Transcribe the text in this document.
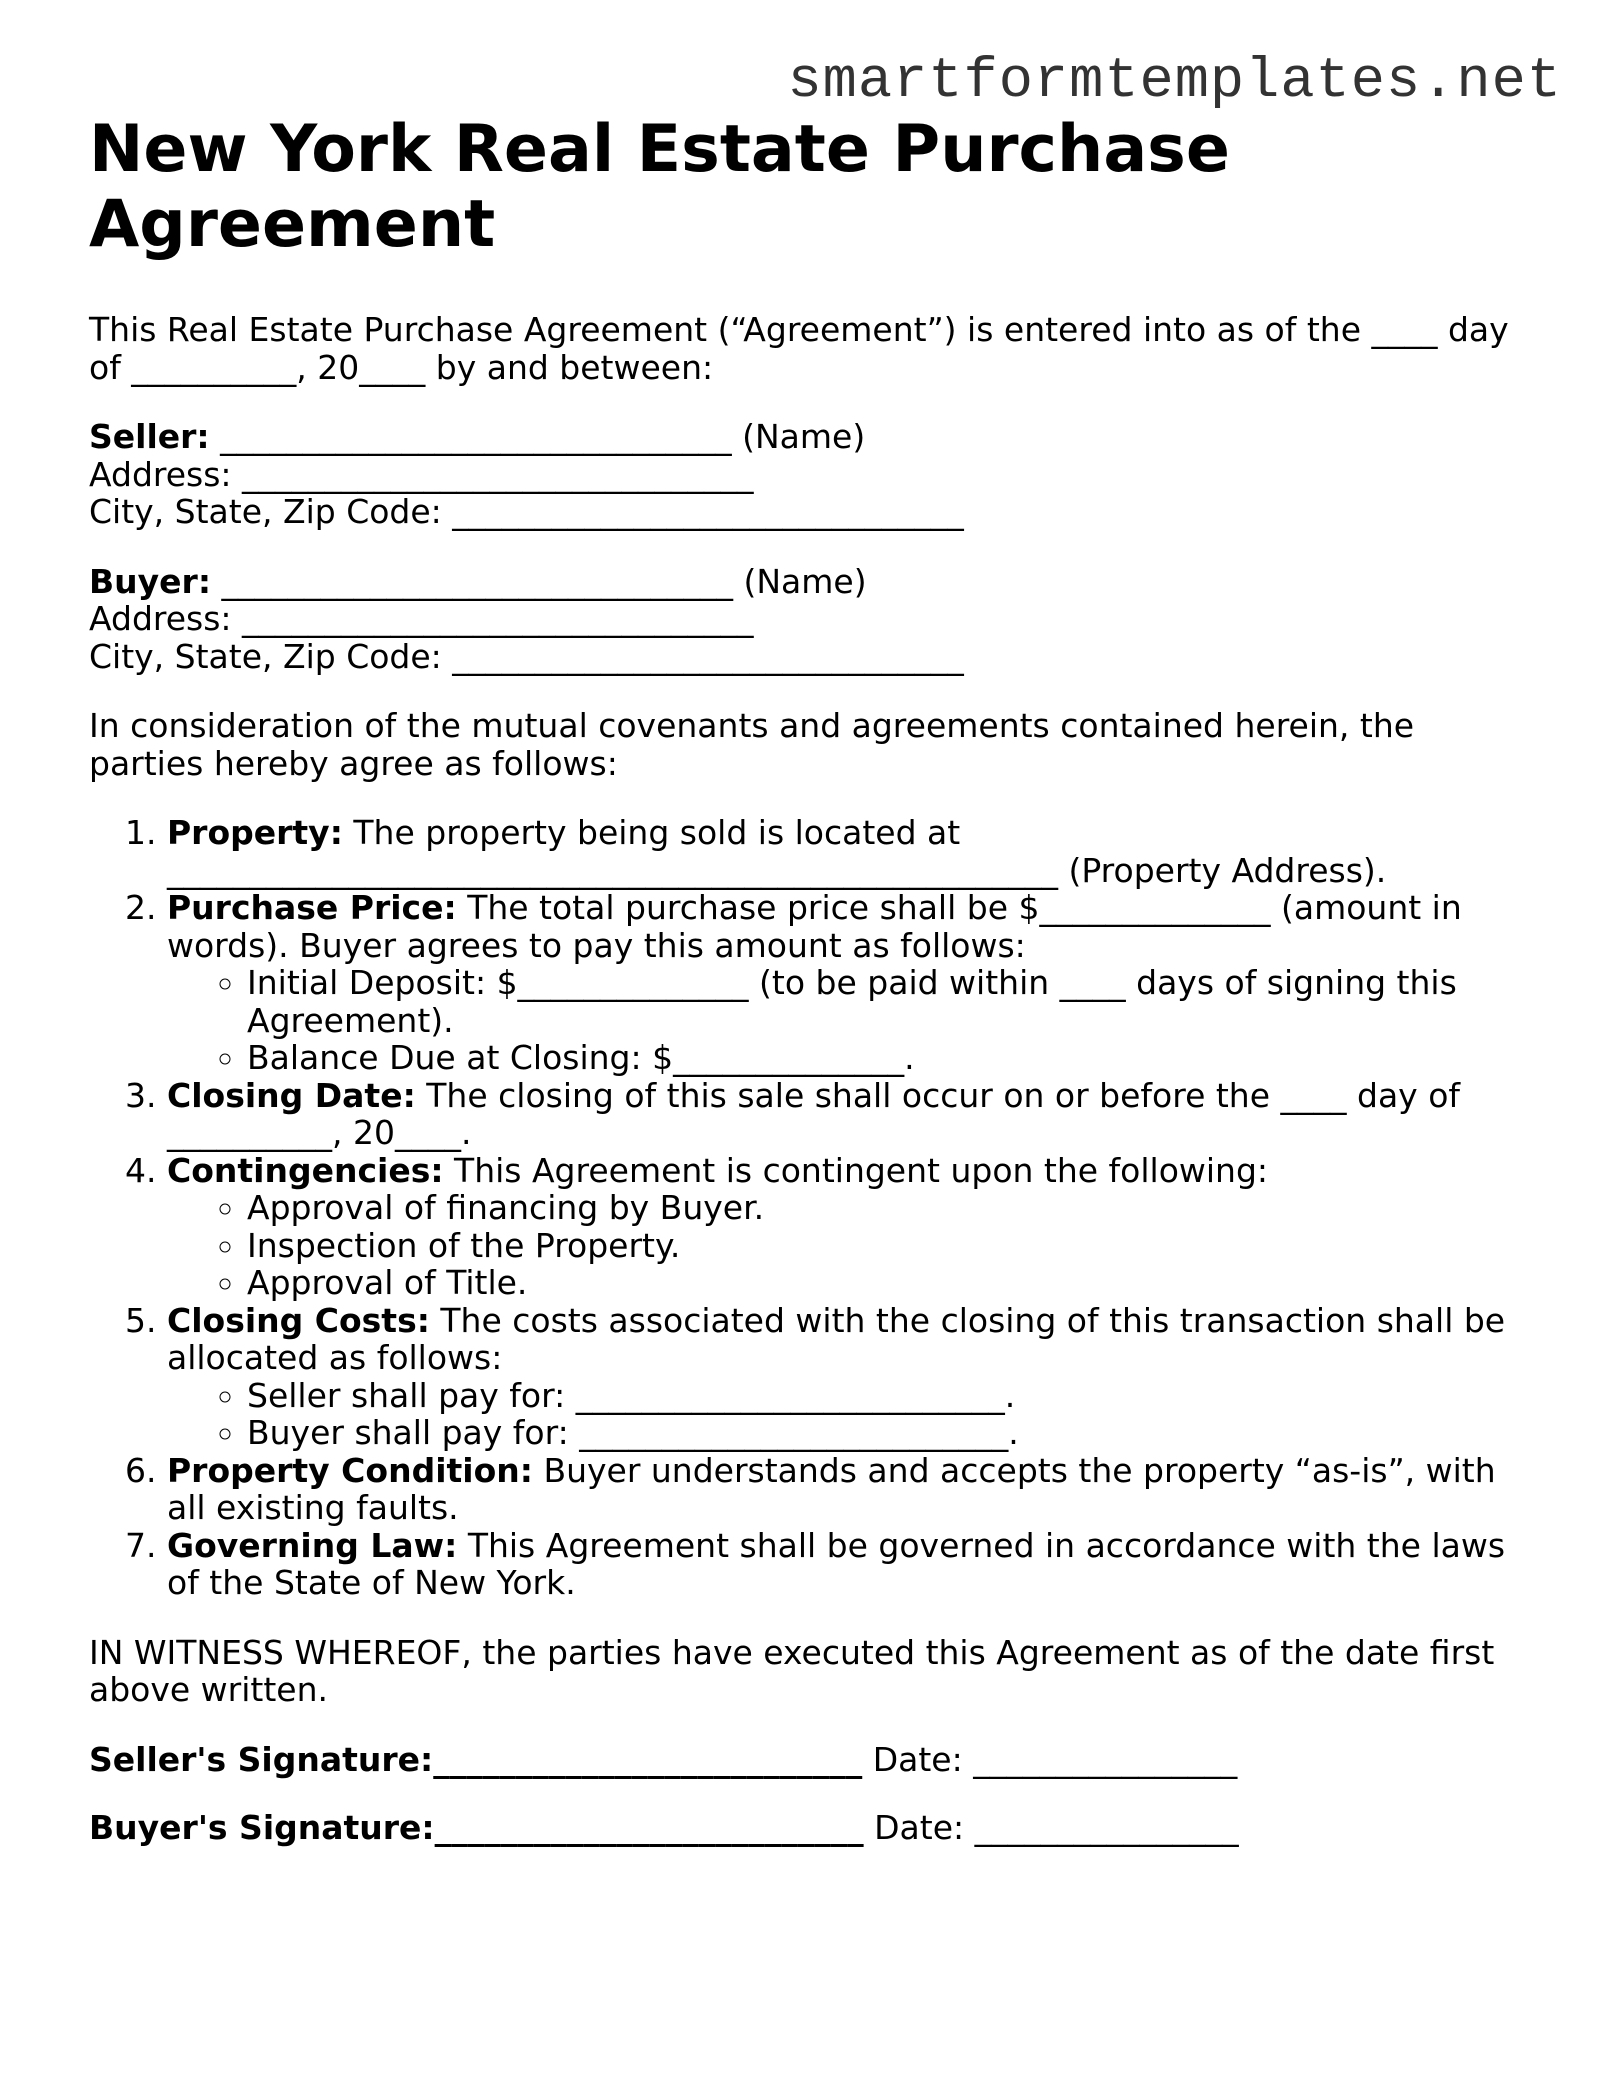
smartformtemplates.net
New York Real Estate Purchase
Agreement

This Real Estate Purchase Agreement (“Agreement”) is entered into as of the ____ day of __________, 20____ by and between:

Seller: _______________________________ (Name)
Address: _______________________________
City, State, Zip Code: _______________________________
Buyer: _______________________________ (Name)
Address: _______________________________
City, State, Zip Code: _______________________________

In consideration of the mutual covenants and agreements contained herein, the parties hereby agree as follows:

1. Property: The property being sold is located at ______________________________________________________ (Property Address).
2. Purchase Price: The total purchase price shall be $______________ (amount in words). Buyer agrees to pay this amount as follows:
◦ Initial Deposit: $______________ (to be paid within ____ days of signing this Agreement).
◦ Balance Due at Closing: $______________.
3. Closing Date: The closing of this sale shall occur on or before the ____ day of __________, 20____.
4. Contingencies: This Agreement is contingent upon the following:
◦ Approval of financing by Buyer.
◦ Inspection of the Property.
◦ Approval of Title.
5. Closing Costs: The costs associated with the closing of this transaction shall be allocated as follows:
◦ Seller shall pay for: __________________________.
◦ Buyer shall pay for: __________________________.
6. Property Condition: Buyer understands and accepts the property “as-is”, with all existing faults.
7. Governing Law: This Agreement shall be governed in accordance with the laws of the State of New York.

IN WITNESS WHEREOF, the parties have executed this Agreement as of the date first above written.

Seller's Signature:__________________________ Date: ________________
Buyer's Signature:__________________________ Date: ________________
